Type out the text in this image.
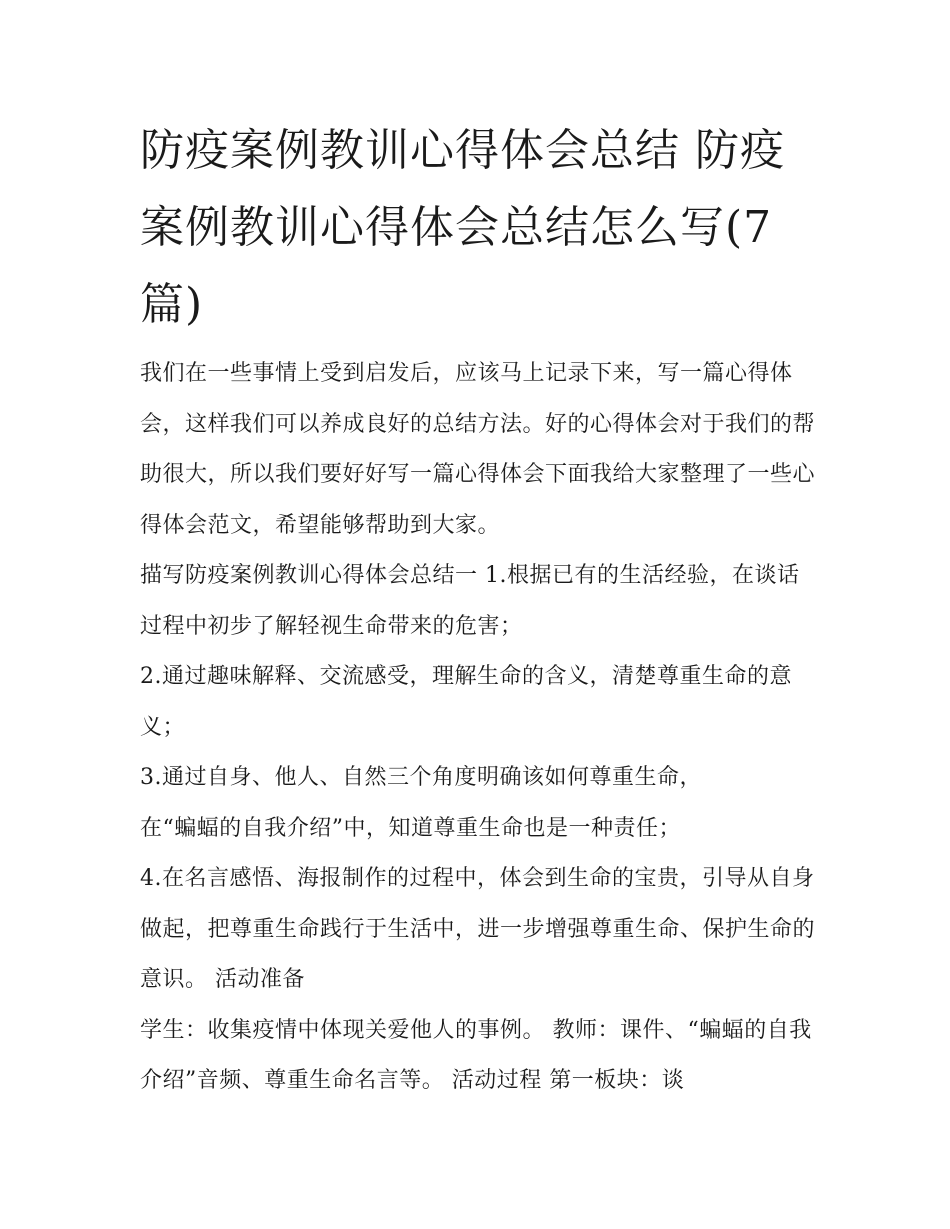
防疫案例教训心得体会总结 防疫案例教训心得体会总结怎么写(7篇)

我们在一些事情上受到启发后，应该马上记录下来，写一篇心得体会，这样我们可以养成良好的总结方法。好的心得体会对于我们的帮助很大，所以我们要好好写一篇心得体会下面我给大家整理了一些心得体会范文，希望能够帮助到大家。

描写防疫案例教训心得体会总结一 1.根据已有的生活经验，在谈话过程中初步了解轻视生命带来的危害；

2.通过趣味解释、交流感受，理解生命的含义，清楚尊重生命的意义；

3.通过自身、他人、自然三个角度明确该如何尊重生命，

在“蝙蝠的自我介绍”中，知道尊重生命也是一种责任；

4.在名言感悟、海报制作的过程中，体会到生命的宝贵，引导从自身做起，把尊重生命践行于生活中，进一步增强尊重生命、保护生命的意识。 活动准备

学生：收集疫情中体现关爱他人的事例。 教师：课件、“蝙蝠的自我介绍”音频、尊重生命名言等。 活动过程 第一板块：谈
